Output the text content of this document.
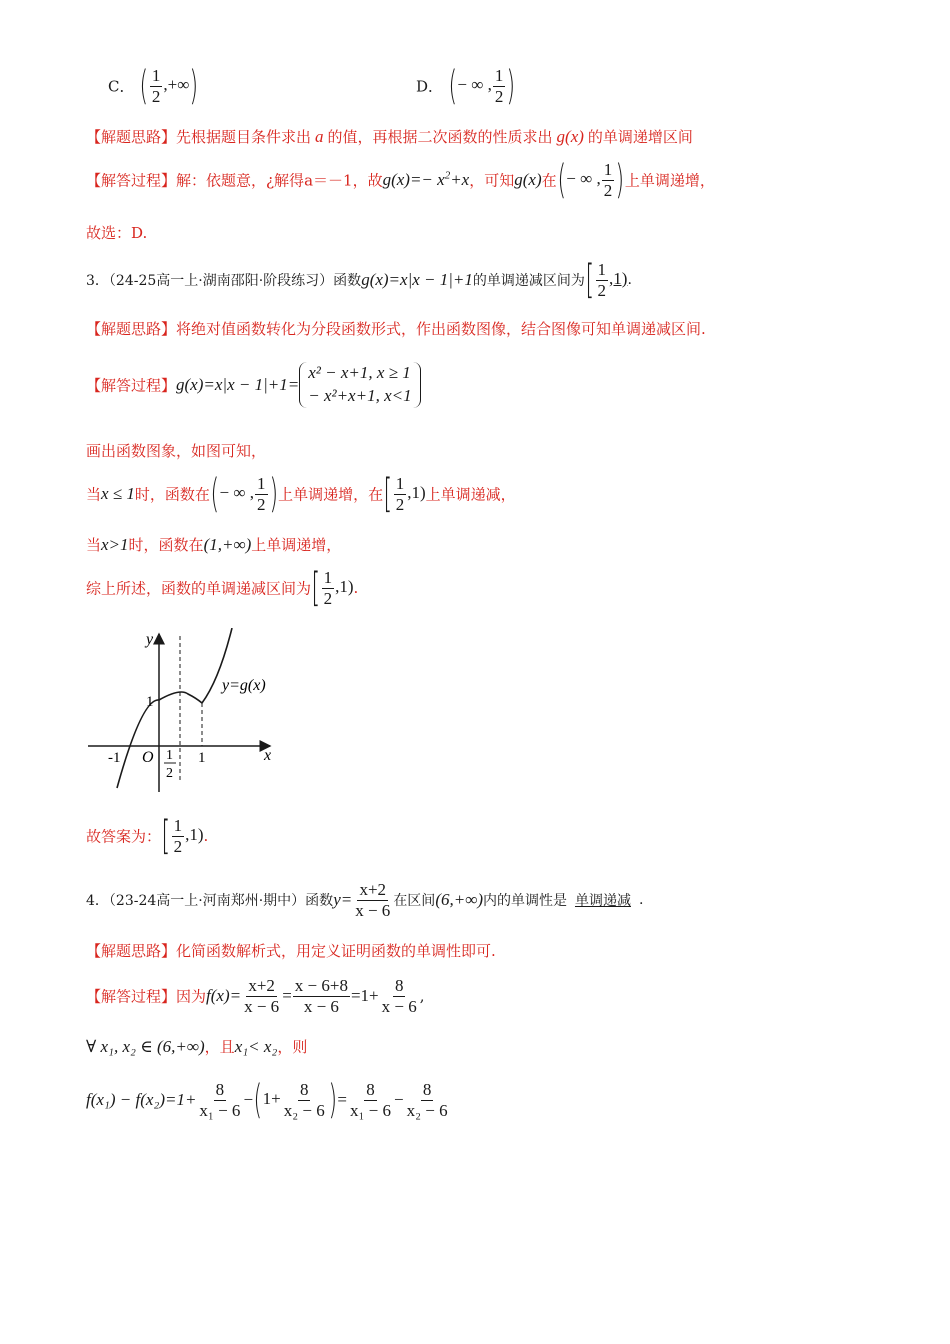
C． ( $\frac{1}{2}$ ,+∞)	D． (− ∞ , $\frac{1}{2}$ )
【解题思路】先根据题目条件求出 a 的值，再根据二次函数的性质求出 g(x) 的单调递增区间
【解答过程】解：依题意，¿解得a＝－1，故$g(x)=- x^2+x$，可知g(x)在(− ∞ , $\frac{1}{2}$ )上单调递增，
故选：D.
3．（24-25高一上·湖南邵阳·阶段练习）函数g(x)=x|x − 1|+1的单调递减区间为[ $\frac{1}{2} ,1$).
【解题思路】将绝对值函数转化为分段函数形式，作出函数图像，结合图像可知单调递减区间.
【解答过程】g(x)=x|x − 1|+1=
x² − x+1, x ≥ 1
− x²+x+1, x<1
画出函数图象，如图可知，
当x ≤ 1时，函数在(− ∞ , $\frac{1}{2}$ )上单调递增，在[ $\frac{1}{2} ,1$)上单调递减，
当x>1时，函数在(1,+∞)上单调递增，
综上所述，函数的单调递减区间为[ $\frac{1}{2} ,1$).
y
x
O
-1
1
1
1
2
y=g(x)
故答案为：[ $\frac{1}{2} ,1$).
4．（23-24高一上·河南郑州·期中）函数$y= \frac{x+2}{x - 6}$ 在区间(6,+∞)内的单调性是 单调递减 .
【解题思路】化简函数解析式，用定义证明函数的单调性即可.
【解答过程】因为$f(x)= \frac{x+2}{x - 6} = \frac{x - 6+8}{x - 6} =1+ \frac{8}{x - 6}$ ,
∀ x₁, x₂ ∈ (6,+∞)，且x₁< x₂，则
$f(x_1) - f(x_2)=1+ \frac{8}{\text{x₁ − 6}} -(1+ \frac{8}{\text{x₂ − 6}}$ )= $\frac{8}{\text{x₁ − 6}} - \frac{8}{\text{x₂ − 6}}$
